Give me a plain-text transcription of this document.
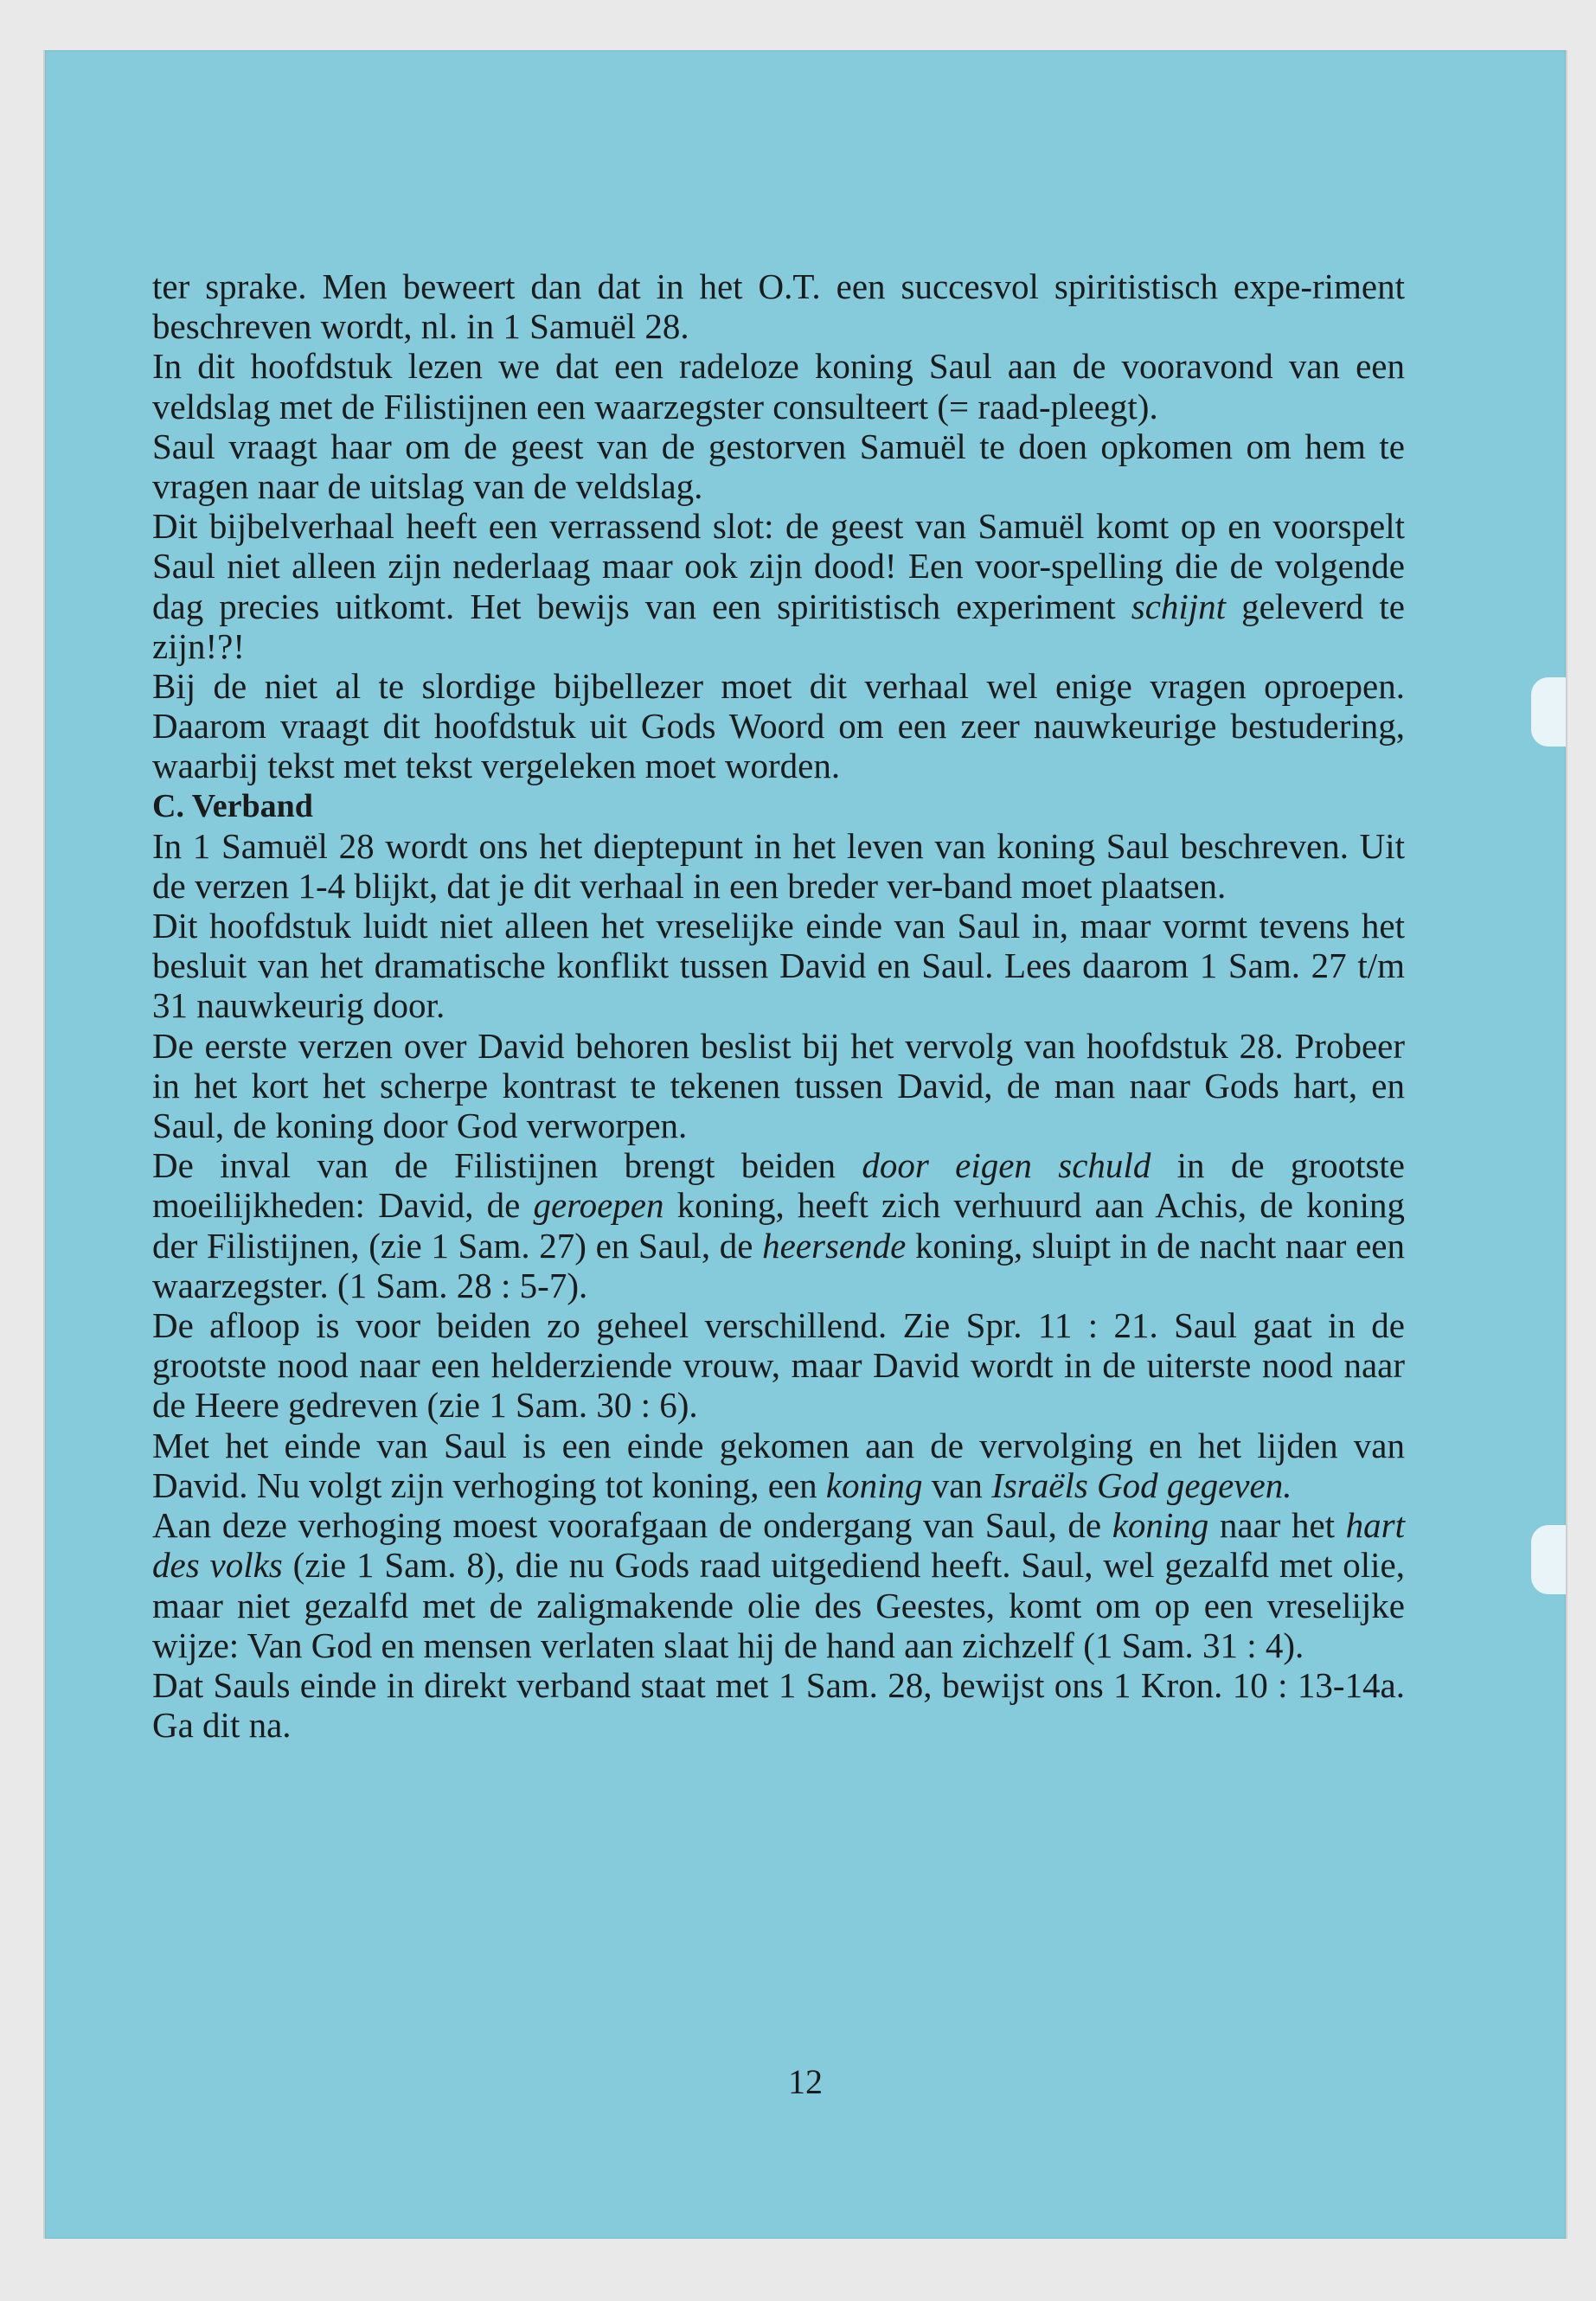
ter sprake. Men beweert dan dat in het O.T. een succesvol spiritistisch expe-riment beschreven wordt, nl. in 1 Samuël 28.

In dit hoofdstuk lezen we dat een radeloze koning Saul aan de vooravond van een veldslag met de Filistijnen een waarzegster consulteert (= raad-pleegt).

Saul vraagt haar om de geest van de gestorven Samuël te doen opkomen om hem te vragen naar de uitslag van de veldslag.

Dit bijbelverhaal heeft een verrassend slot: de geest van Samuël komt op en voorspelt Saul niet alleen zijn nederlaag maar ook zijn dood! Een voor-spelling die de volgende dag precies uitkomt. Het bewijs van een spiritistisch experiment schijnt geleverd te zijn!?!

Bij de niet al te slordige bijbellezer moet dit verhaal wel enige vragen oproepen. Daarom vraagt dit hoofdstuk uit Gods Woord om een zeer nauwkeurige bestudering, waarbij tekst met tekst vergeleken moet worden.

C. Verband

In 1 Samuël 28 wordt ons het dieptepunt in het leven van koning Saul beschreven. Uit de verzen 1-4 blijkt, dat je dit verhaal in een breder ver-band moet plaatsen.

Dit hoofdstuk luidt niet alleen het vreselijke einde van Saul in, maar vormt tevens het besluit van het dramatische konflikt tussen David en Saul. Lees daarom 1 Sam. 27 t/m 31 nauwkeurig door.

De eerste verzen over David behoren beslist bij het vervolg van hoofdstuk 28. Probeer in het kort het scherpe kontrast te tekenen tussen David, de man naar Gods hart, en Saul, de koning door God verworpen.

De inval van de Filistijnen brengt beiden door eigen schuld in de grootste moeilijkheden: David, de geroepen koning, heeft zich verhuurd aan Achis, de koning der Filistijnen, (zie 1 Sam. 27) en Saul, de heersende koning, sluipt in de nacht naar een waarzegster. (1 Sam. 28 : 5-7).

De afloop is voor beiden zo geheel verschillend. Zie Spr. 11 : 21. Saul gaat in de grootste nood naar een helderziende vrouw, maar David wordt in de uiterste nood naar de Heere gedreven (zie 1 Sam. 30 : 6).

Met het einde van Saul is een einde gekomen aan de vervolging en het lijden van David. Nu volgt zijn verhoging tot koning, een koning van Israëls God gegeven.

Aan deze verhoging moest voorafgaan de ondergang van Saul, de koning naar het hart des volks (zie 1 Sam. 8), die nu Gods raad uitgediend heeft. Saul, wel gezalfd met olie, maar niet gezalfd met de zaligmakende olie des Geestes, komt om op een vreselijke wijze: Van God en mensen verlaten slaat hij de hand aan zichzelf (1 Sam. 31 : 4).

Dat Sauls einde in direkt verband staat met 1 Sam. 28, bewijst ons 1 Kron. 10 : 13-14a. Ga dit na.

12
